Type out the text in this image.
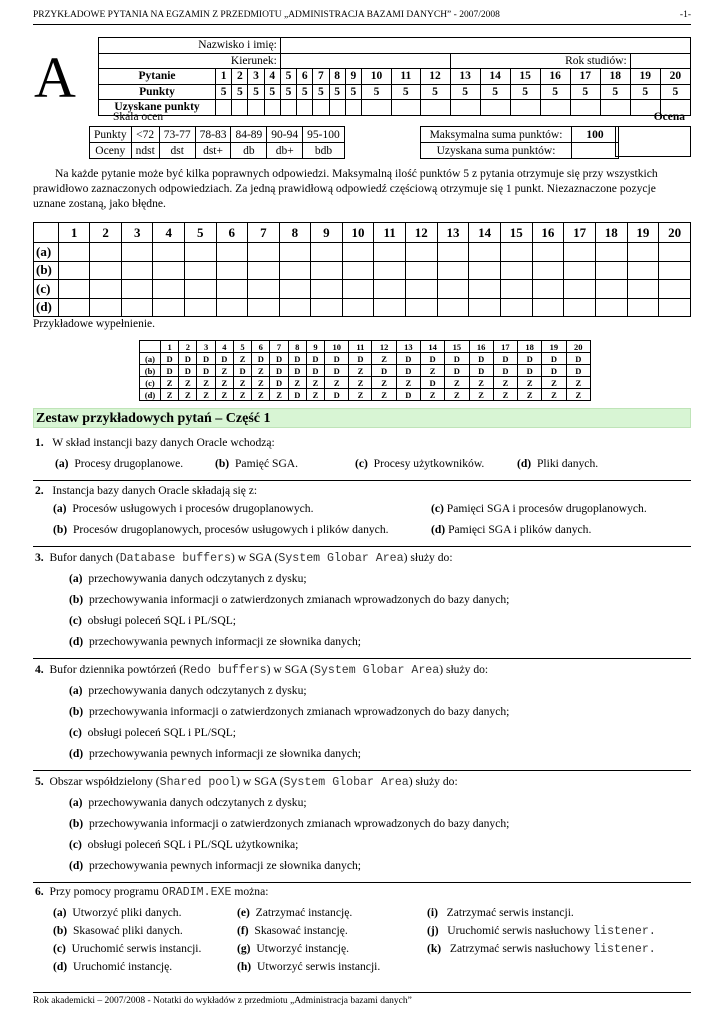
PRZYKŁADOWE PYTANIA NA EGZAMIN Z PRZEDMIOTU „ADMINISTRACJA BAZAMI DANYCH” - 2007/2008	-1-
A	Nazwisko i imię:																				
Kierunek:													Rok studiów:							
Pytanie	1	2	3	4	5	6	7	8	9	10	11	12	13	14	15	16	17	18	19	20
Punkty	5	5	5	5	5	5	5	5	5	5	5	5	5	5	5	5	5	5	5	5
Uzyskane punkty																				
Skala ocen	Ocena
Punkty	<72	73-77	78-83	84-89	90-94	95-100
Oceny	ndst	dst	dst+	db	db+	bdb
Maksymalna suma punktów:	100		
Uzyskana suma punktów:			
Na każde pytanie może być kilka poprawnych odpowiedzi. Maksymalną ilość punktów 5 z pytania otrzymuje się przy wszystkich prawidłowo zaznaczonych odpowiedziach. Za jedną prawidłową odpowiedź częściową otrzymuje się 1 punkt. Niezaznaczone pozycje uznane zostaną, jako błędne.
	1	2	3	4	5	6	7	8	9	10	11	12	13	14	15	16	17	18	19	20
(a)																				
(b)																				
(c)																				
(d)																				
Przykładowe wypełnienie.
	1	2	3	4	5	6	7	8	9	10	11	12	13	14	15	16	17	18	19	20
(a)	D	D	D	D	Z	D	D	D	D	D	D	Z	D	D	D	D	D	D	D	D
(b)	D	D	D	Z	D	Z	D	D	D	D	Z	D	D	Z	D	D	D	D	D	D
(c)	Z	Z	Z	Z	Z	Z	D	Z	Z	Z	Z	Z	Z	D	Z	Z	Z	Z	Z	Z
(d)	Z	Z	Z	Z	Z	Z	Z	D	Z	D	Z	Z	D	Z	Z	Z	Z	Z	Z	Z
Zestaw przykładowych pytań – Część 1
1. W skład instancji bazy danych Oracle wchodzą:
(a) Procesy drugoplanowe.	(b) Pamięć SGA.	(c) Procesy użytkowników.	(d) Pliki danych.
2. Instancja bazy danych Oracle składają się z:
(a) Procesów usługowych i procesów drugoplanowych.
(b) Procesów drugoplanowych, procesów usługowych i plików danych.
(c) Pamięci SGA i procesów drugoplanowych.
(d) Pamięci SGA i plików danych.
3. Bufor danych (Database buffers) w SGA (System Globar Area) służy do:
(a) przechowywania danych odczytanych z dysku;
(b) przechowywania informacji o zatwierdzonych zmianach wprowadzonych do bazy danych;
(c) obsługi poleceń SQL i PL/SQL;
(d) przechowywania pewnych informacji ze słownika danych;
4. Bufor dziennika powtórzeń (Redo buffers) w SGA (System Globar Area) służy do:
(a) przechowywania danych odczytanych z dysku;
(b) przechowywania informacji o zatwierdzonych zmianach wprowadzonych do bazy danych;
(c) obsługi poleceń SQL i PL/SQL;
(d) przechowywania pewnych informacji ze słownika danych;
5. Obszar współdzielony (Shared pool) w SGA (System Globar Area) służy do:
(a) przechowywania danych odczytanych z dysku;
(b) przechowywania informacji o zatwierdzonych zmianach wprowadzonych do bazy danych;
(c) obsługi poleceń SQL i PL/SQL użytkownika;
(d) przechowywania pewnych informacji ze słownika danych;
6. Przy pomocy programu ORADIM.EXE można:
(a) Utworzyć pliki danych.
(b) Skasować pliki danych.
(c) Uruchomić serwis instancji.
(d) Uruchomić instancję.
(e) Zatrzymać instancję.
(f) Skasować instancję.
(g) Utworzyć instancję.
(h) Utworzyć serwis instancji.
(i) Zatrzymać serwis instancji.
(j) Uruchomić serwis nasłuchowy listener.
(k) Zatrzymać serwis nasłuchowy listener.
Rok akademicki – 2007/2008 - Notatki do wykładów z przedmiotu „Administracja bazami danych”
